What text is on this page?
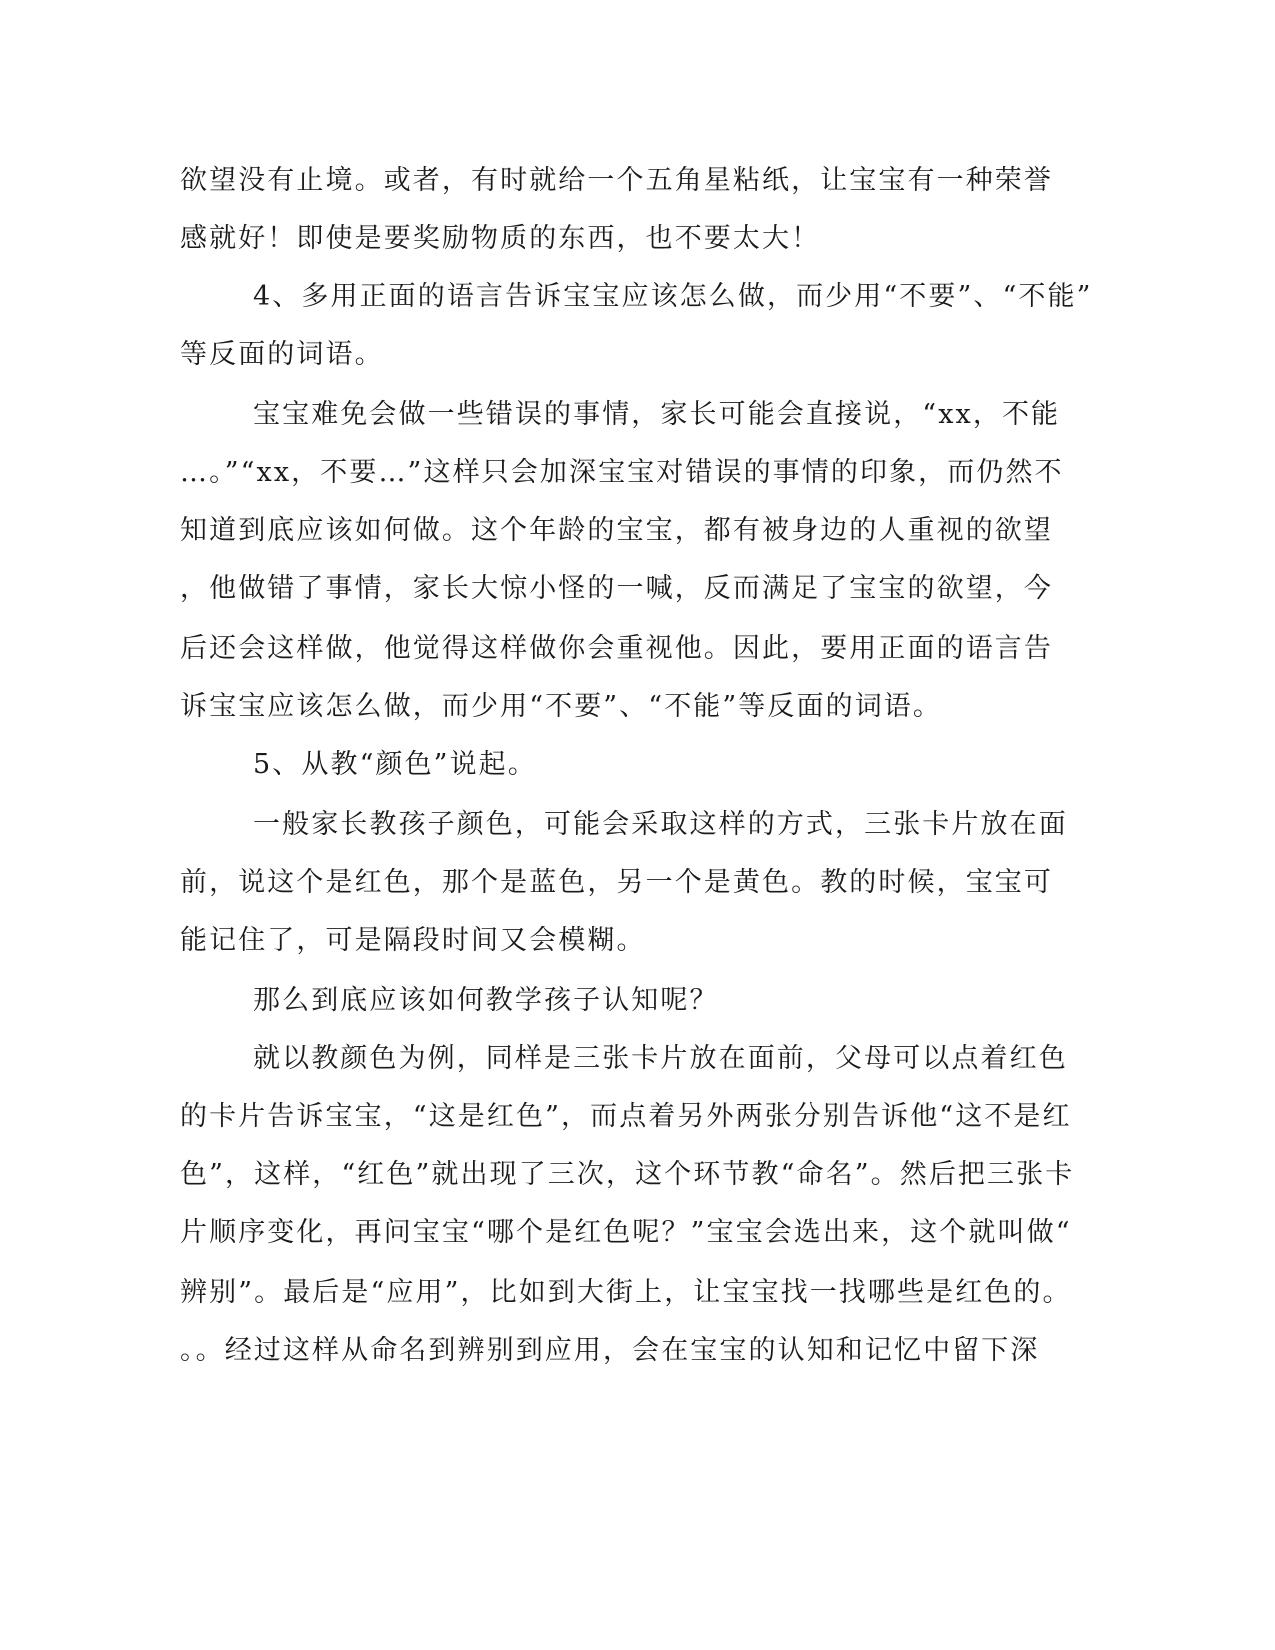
欲望没有止境。或者，有时就给一个五角星粘纸，让宝宝有一种荣誉
感就好！即使是要奖励物质的东西，也不要太大！
4、多用正面的语言告诉宝宝应该怎么做，而少用“不要”、“不能”
等反面的词语。
宝宝难免会做一些错误的事情，家长可能会直接说，“xx，不能
…。”“xx，不要…”这样只会加深宝宝对错误的事情的印象，而仍然不
知道到底应该如何做。这个年龄的宝宝，都有被身边的人重视的欲望
，他做错了事情，家长大惊小怪的一喊，反而满足了宝宝的欲望，今
后还会这样做，他觉得这样做你会重视他。因此，要用正面的语言告
诉宝宝应该怎么做，而少用“不要”、“不能”等反面的词语。
5、从教“颜色”说起。
一般家长教孩子颜色，可能会采取这样的方式，三张卡片放在面
前，说这个是红色，那个是蓝色，另一个是黄色。教的时候，宝宝可
能记住了，可是隔段时间又会模糊。
那么到底应该如何教学孩子认知呢？
就以教颜色为例，同样是三张卡片放在面前，父母可以点着红色
的卡片告诉宝宝，“这是红色”，而点着另外两张分别告诉他“这不是红
色”，这样，“红色”就出现了三次，这个环节教“命名”。然后把三张卡
片顺序变化，再问宝宝“哪个是红色呢？”宝宝会选出来，这个就叫做“
辨别”。最后是“应用”，比如到大街上，让宝宝找一找哪些是红色的。
。。经过这样从命名到辨别到应用，会在宝宝的认知和记忆中留下深
